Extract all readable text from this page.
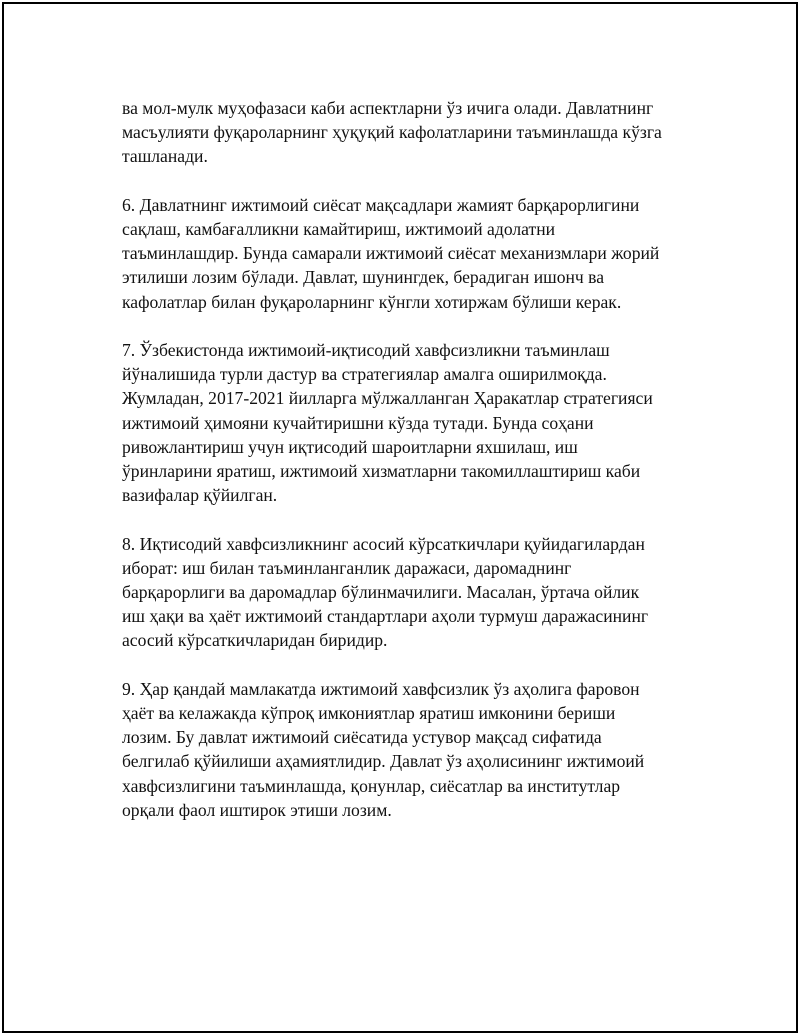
ва мол-мулк муҳофазаси каби аспектларни ўз ичига олади. Давлатнинг
масъулияти фуқароларнинг ҳуқуқий кафолатларини таъминлашда кўзга
ташланади.

6. Давлатнинг ижтимоий сиёсат мақсадлари жамият барқарорлигини
сақлаш, камбағалликни камайтириш, ижтимоий адолатни
таъминлашдир. Бунда самарали ижтимоий сиёсат механизмлари жорий
этилиши лозим бўлади. Давлат, шунингдек, берадиган ишонч ва
кафолатлар билан фуқароларнинг кўнгли хотиржам бўлиши керак.

7. Ўзбекистонда ижтимоий-иқтисодий хавфсизликни таъминлаш
йўналишида турли дастур ва стратегиялар амалга оширилмоқда.
Жумладан, 2017-2021 йилларга мўлжалланган Ҳаракатлар стратегияси
ижтимоий ҳимояни кучайтиришни кўзда тутади. Бунда соҳани
ривожлантириш учун иқтисодий шароитларни яхшилаш, иш
ўринларини яратиш, ижтимоий хизматларни такомиллаштириш каби
вазифалар қўйилган.

8. Иқтисодий хавфсизликнинг асосий кўрсаткичлари қуйидагилардан
иборат: иш билан таъминланганлик даражаси, даромаднинг
барқарорлиги ва даромадлар бўлинмачилиги. Масалан, ўртача ойлик
иш ҳақи ва ҳаёт ижтимоий стандартлари аҳоли турмуш даражасининг
асосий кўрсаткичларидан биридир.

9. Ҳар қандай мамлакатда ижтимоий хавфсизлик ўз аҳолига фаровон
ҳаёт ва келажакда кўпроқ имкониятлар яратиш имконини бериши
лозим. Бу давлат ижтимоий сиёсатида устувор мақсад сифатида
белгилаб қўйилиши аҳамиятлидир. Давлат ўз аҳолисининг ижтимоий
хавфсизлигини таъминлашда, қонунлар, сиёсатлар ва институтлар
орқали фаол иштирок этиши лозим.
